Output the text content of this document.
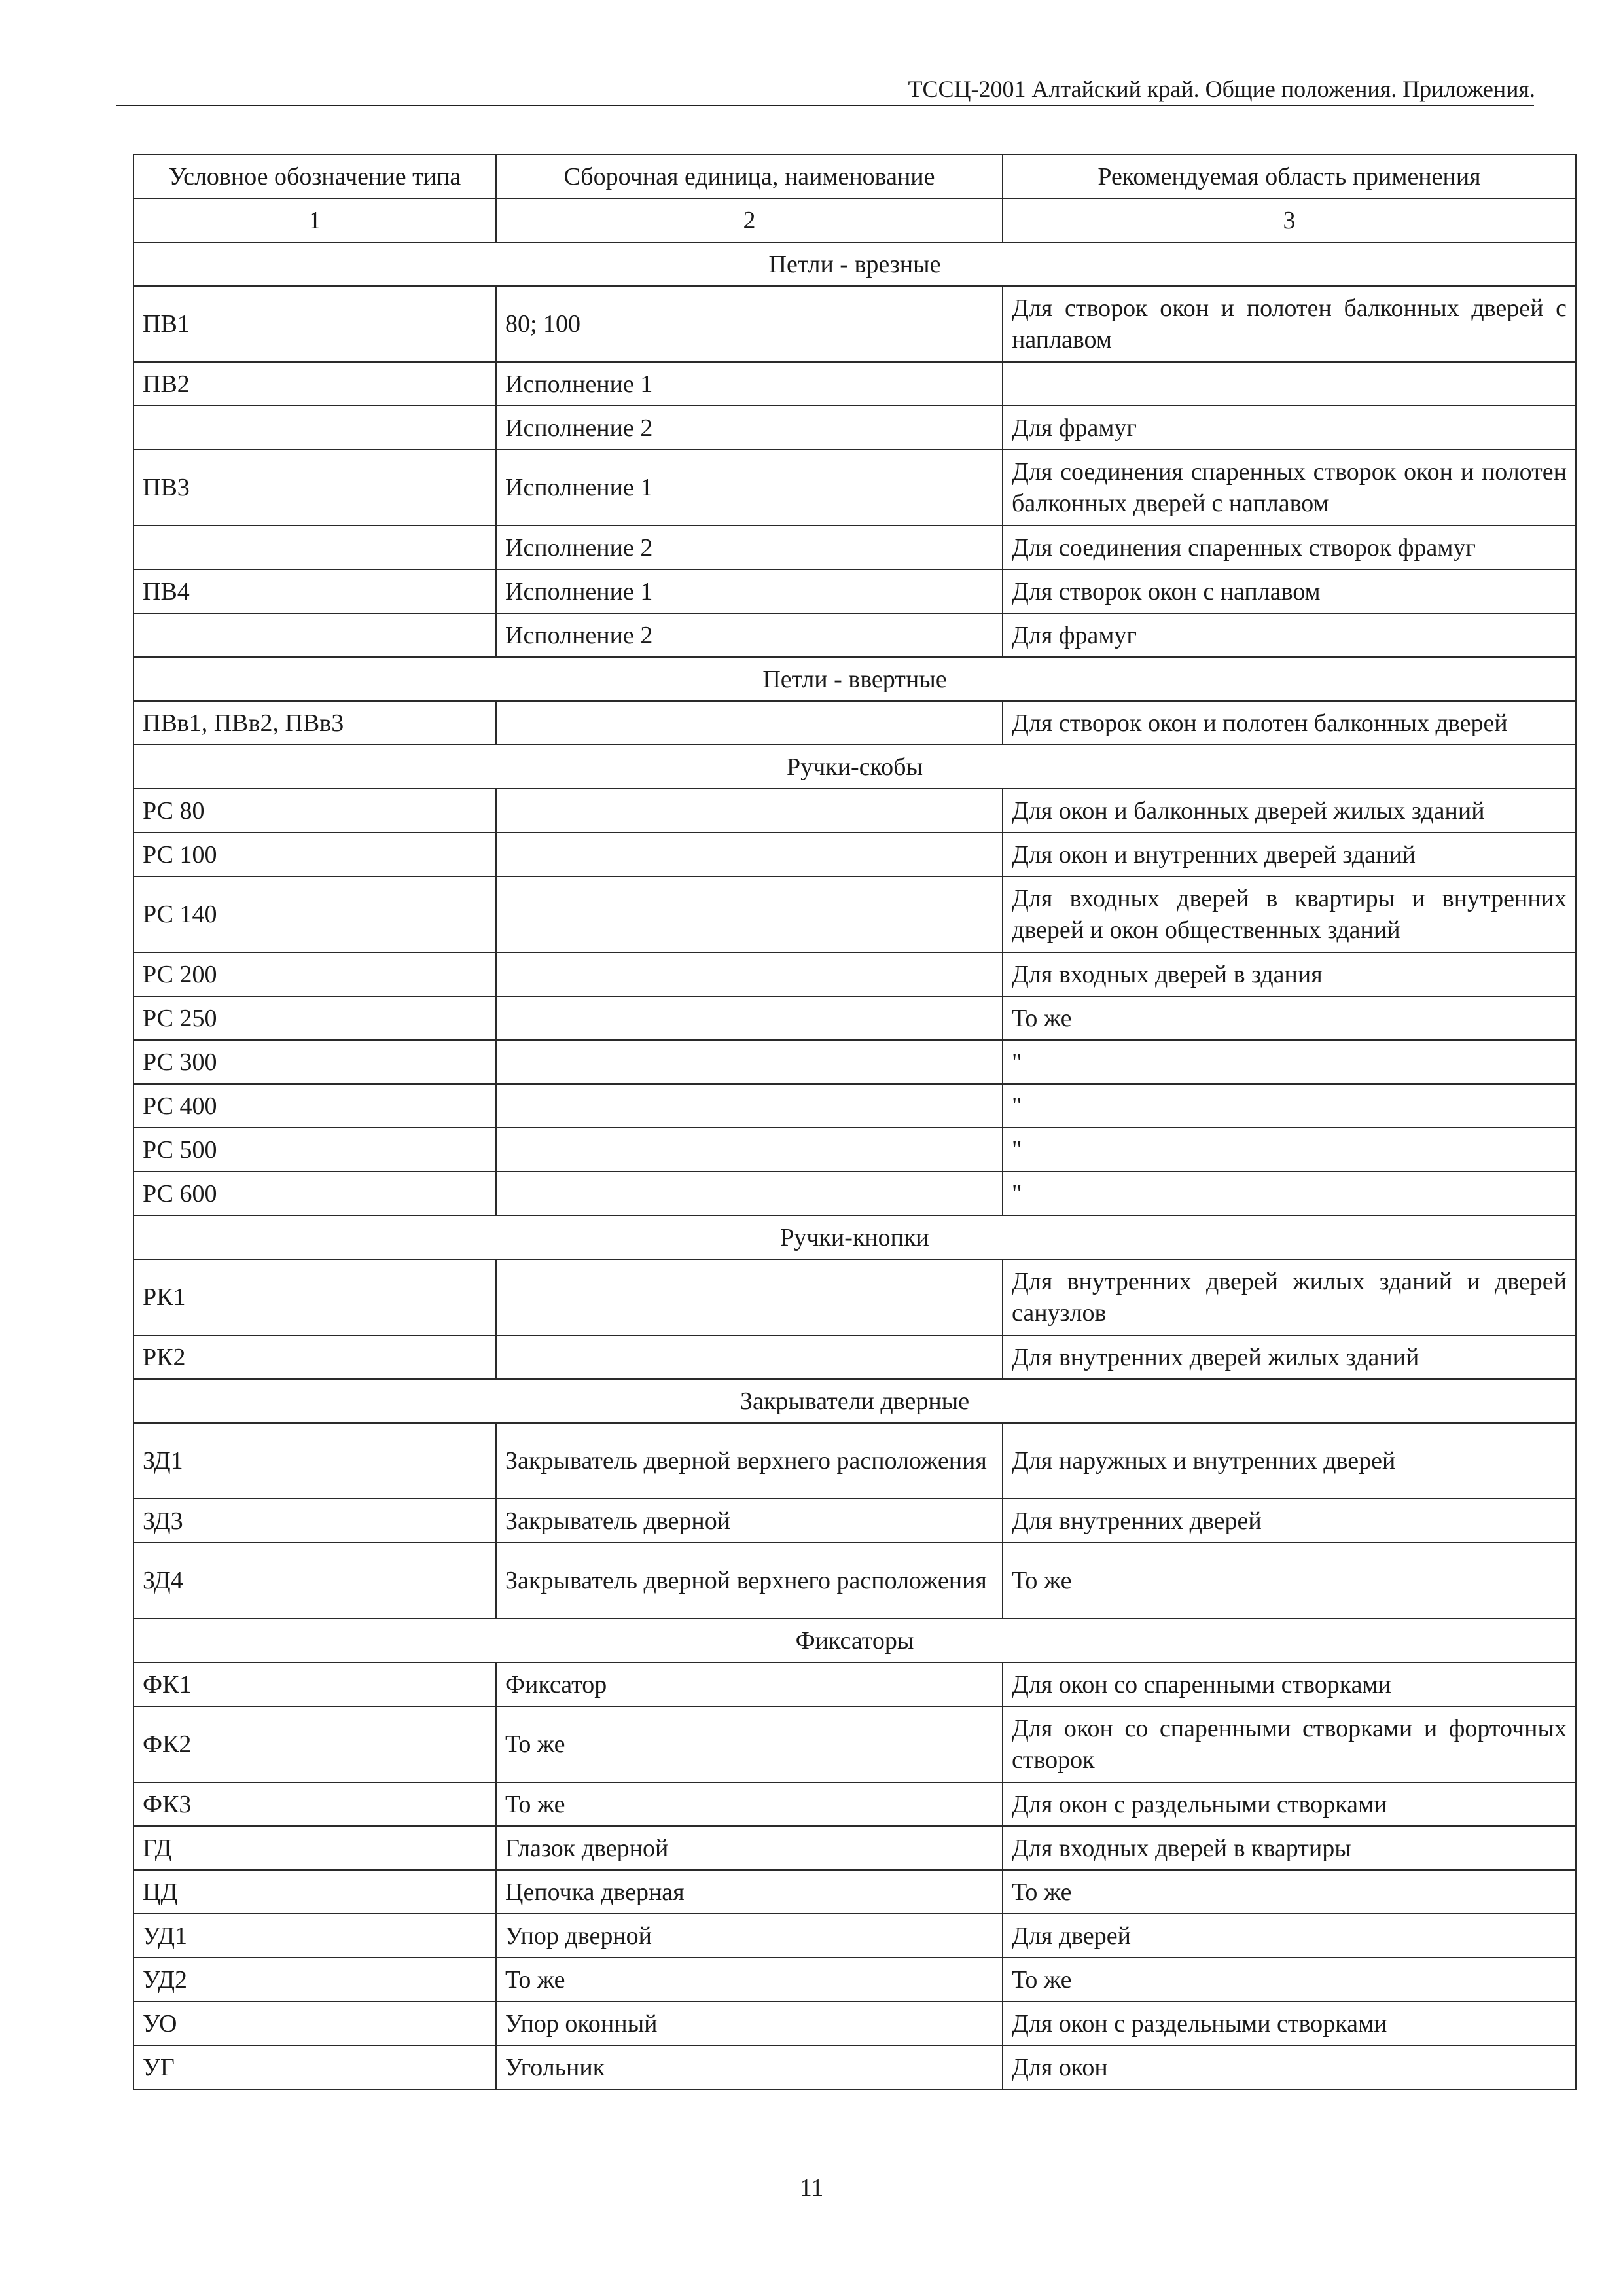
ТССЦ-2001 Алтайский край. Общие положения. Приложения.
Условное обозначение типа	Сборочная единица, наименование	Рекомендуемая область применения
1	2	3
Петли - врезные		
ПВ1	80; 100	Для створок окон и полотен балконных дверей с наплавом
ПВ2	Исполнение 1	
	Исполнение 2	Для фрамуг
ПВ3	Исполнение 1	Для соединения спаренных створок окон и полотен балконных дверей с наплавом
	Исполнение 2	Для соединения спаренных створок фрамуг
ПВ4	Исполнение 1	Для створок окон с наплавом
	Исполнение 2	Для фрамуг
Петли - ввертные		
ПВв1, ПВв2, ПВв3		Для створок окон и полотен балконных дверей
Ручки-скобы		
РС 80		Для окон и балконных дверей жилых зданий
РС 100		Для окон и внутренних дверей зданий
РС 140		Для входных дверей в квартиры и внутренних дверей и окон общественных зданий
РС 200		Для входных дверей в здания
РС 250		То же
РС 300		"
РС 400		"
РС 500		"
РС 600		"
Ручки-кнопки		
РК1		Для внутренних дверей жилых зданий и дверей санузлов
РК2		Для внутренних дверей жилых зданий
Закрыватели дверные		
ЗД1	Закрыватель дверной верхнего расположения	Для наружных и внутренних дверей
ЗД3	Закрыватель дверной	Для внутренних дверей
ЗД4	Закрыватель дверной верхнего расположения	То же
Фиксаторы		
ФК1	Фиксатор	Для окон со спаренными створками
ФК2	То же	Для окон со спаренными створками и форточных створок
ФК3	То же	Для окон с раздельными створками
ГД	Глазок дверной	Для входных дверей в квартиры
ЦД	Цепочка дверная	То же
УД1	Упор дверной	Для дверей
УД2	То же	То же
УО	Упор оконный	Для окон с раздельными створками
УГ	Угольник	Для окон
11
